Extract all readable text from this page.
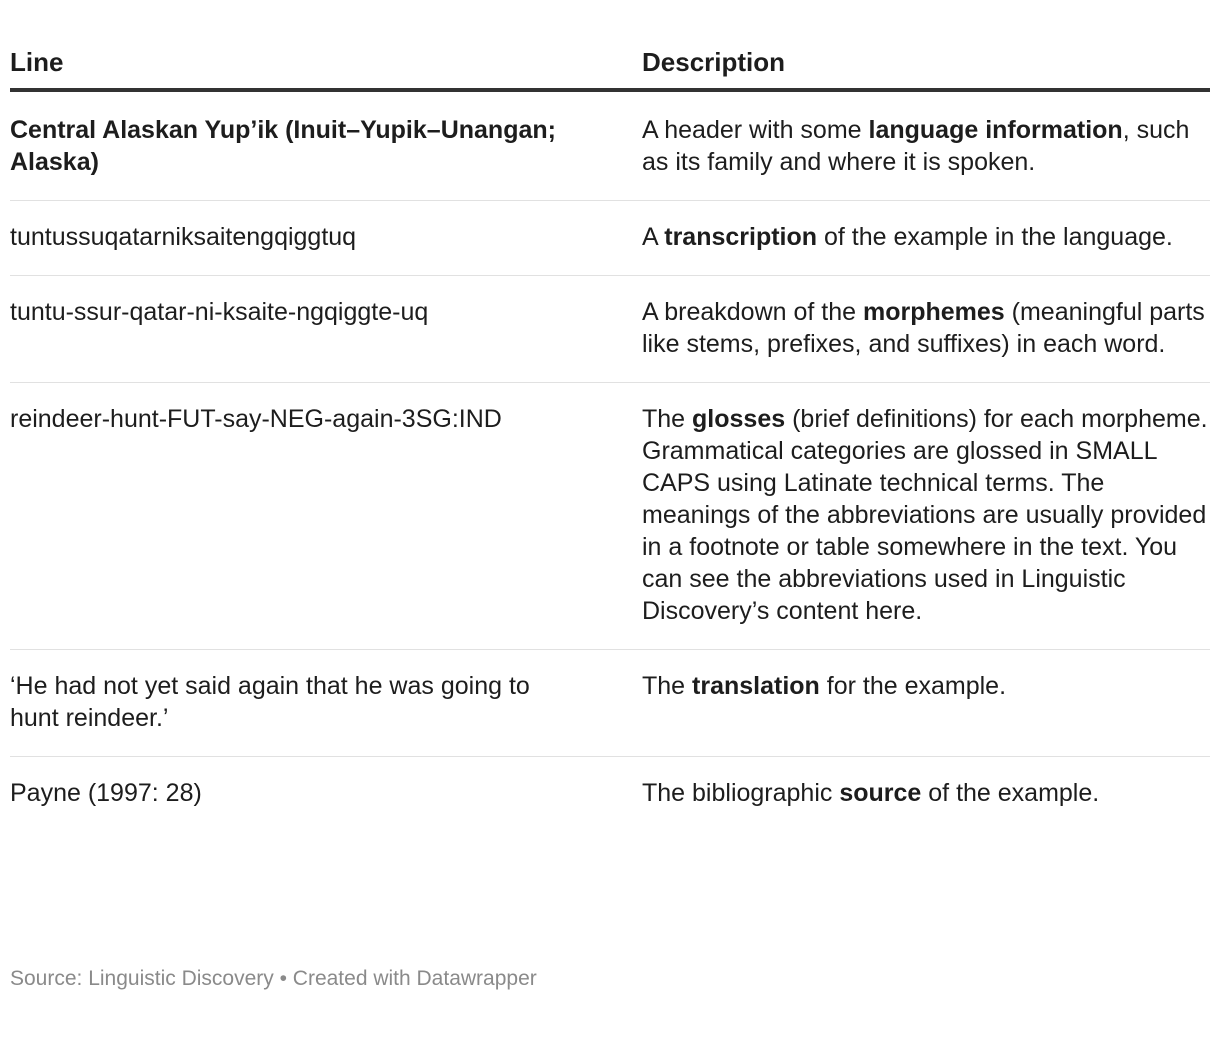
Line	Description
Central Alaskan Yup’ik (Inuit–Yupik–Unangan; Alaska)	A header with some language information, such as its family and where it is spoken.
tuntussuqatarniksaitengqiggtuq	A transcription of the example in the language.
tuntu-ssur-qatar-ni-ksaite-ngqiggte-uq	A breakdown of the morphemes (meaningful parts like stems, prefixes, and suffixes) in each word.
reindeer-hunt-FUT-say-NEG-again-3SG:IND	The glosses (brief definitions) for each morpheme. Grammatical categories are glossed in SMALL CAPS using Latinate technical terms. The meanings of the abbreviations are usually provided in a footnote or table somewhere in the text. You can see the abbreviations used in Linguistic Discovery’s content here.
‘He had not yet said again that he was going to hunt reindeer.’	The translation for the example.
Payne (1997: 28)	The bibliographic source of the example.
Source: Linguistic Discovery • Created with Datawrapper
